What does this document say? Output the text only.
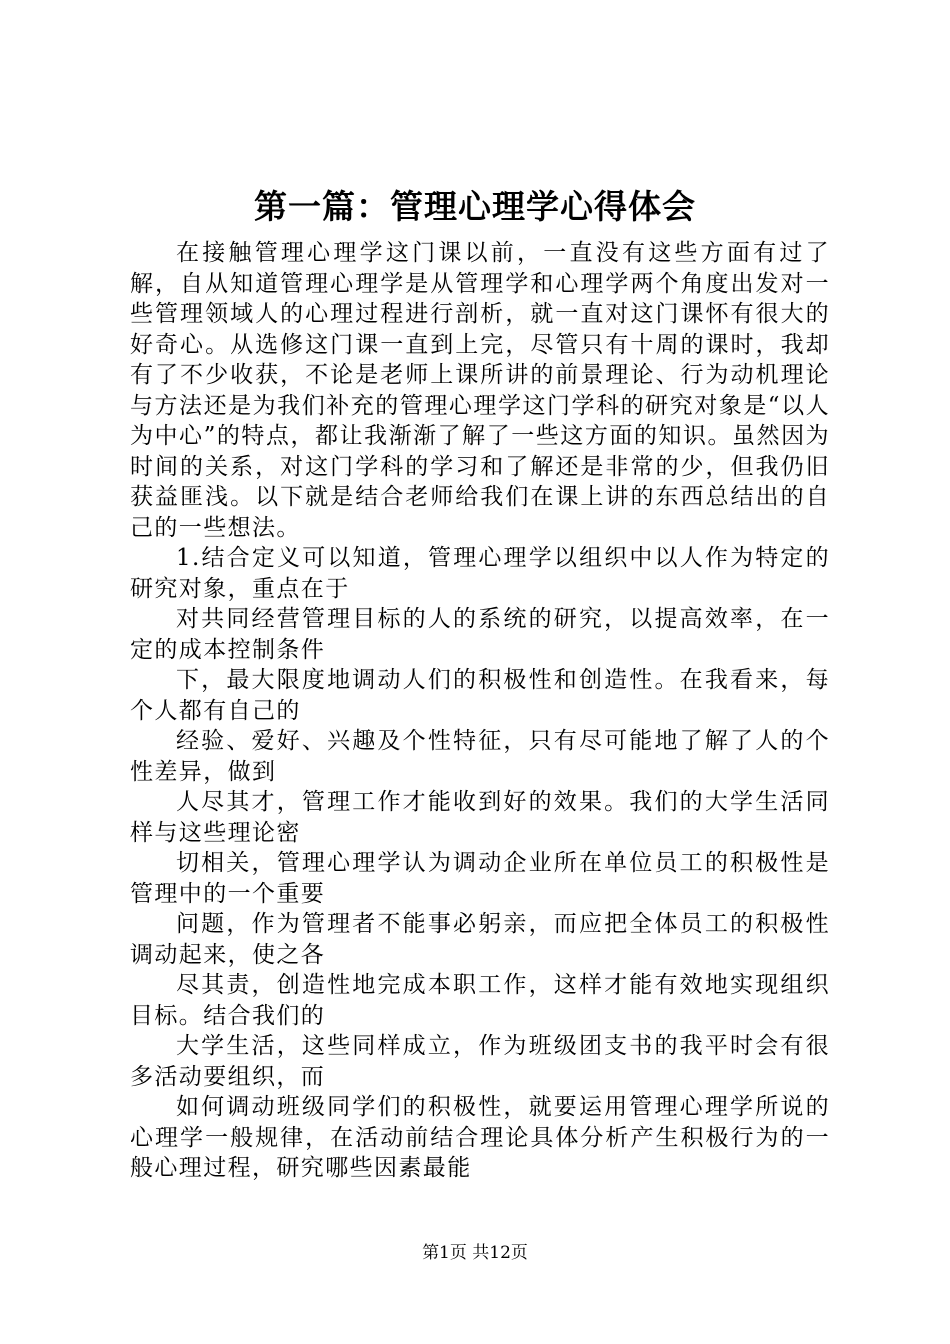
第一篇：管理心理学心得体会

在接触管理心理学这门课以前，一直没有这些方面有过了解，自从知道管理心理学是从管理学和心理学两个角度出发对一些管理领域人的心理过程进行剖析，就一直对这门课怀有很大的好奇心。从选修这门课一直到上完，尽管只有十周的课时，我却有了不少收获，不论是老师上课所讲的前景理论、行为动机理论与方法还是为我们补充的管理心理学这门学科的研究对象是“以人为中心”的特点，都让我渐渐了解了一些这方面的知识。虽然因为时间的关系，对这门学科的学习和了解还是非常的少，但我仍旧获益匪浅。以下就是结合老师给我们在课上讲的东西总结出的自己的一些想法。

1.结合定义可以知道，管理心理学以组织中以人作为特定的研究对象，重点在于

对共同经营管理目标的人的系统的研究，以提高效率，在一定的成本控制条件

下，最大限度地调动人们的积极性和创造性。在我看来，每个人都有自己的

经验、爱好、兴趣及个性特征，只有尽可能地了解了人的个性差异，做到

人尽其才，管理工作才能收到好的效果。我们的大学生活同样与这些理论密

切相关，管理心理学认为调动企业所在单位员工的积极性是管理中的一个重要

问题，作为管理者不能事必躬亲，而应把全体员工的积极性调动起来，使之各

尽其责，创造性地完成本职工作，这样才能有效地实现组织目标。结合我们的

大学生活，这些同样成立，作为班级团支书的我平时会有很多活动要组织，而

如何调动班级同学们的积极性，就要运用管理心理学所说的心理学一般规律，在活动前结合理论具体分析产生积极行为的一般心理过程，研究哪些因素最能

第1页 共12页
